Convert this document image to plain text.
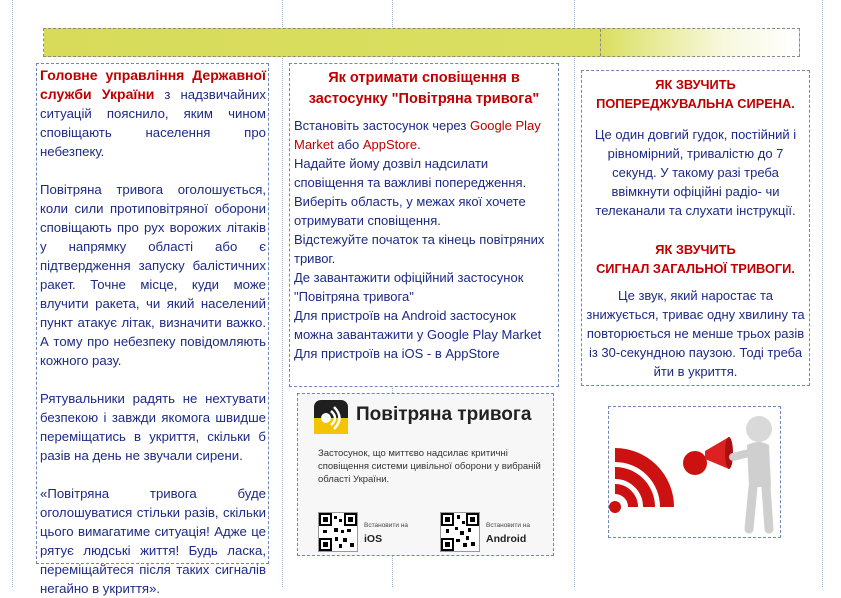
Головне управління Державної служби України з надзвичайних ситуацій пояснило, яким чином сповіщають населення про небезпеку.

Повітряна тривога оголошується, коли сили протиповітряної оборони сповіщають про рух ворожих літаків у напрямку області або є підтвердження запуску балістичних ракет. Точне місце, куди може влучити ракета, чи який населений пункт атакує літак, визначити важко. А тому про небезпеку повідомляють кожного разу.

Рятувальники радять не нехтувати безпекою і завжди якомога швидше переміщатись в укриття, скільки б разів на день не звучали сирени.

«Повітряна тривога буде оголошуватися стільки разів, скільки цього вимагатиме ситуація! Адже це рятує людські життя! Будь ласка, переміщайтеся після таких сигналів негайно в укриття».

Як отримати сповіщення в застосунку "Повітряна тривога"

Встановіть застосунок через Google Play Market або AppStore.

Надайте йому дозвіл надсилати сповіщення та важливі попередження.

Виберіть область, у межах якої хочете отримувати сповіщення.

Відстежуйте початок та кінець повітряних тривог.

Де завантажити офіційний застосунок "Повітряна тривога"

Для пристроїв на Android застосунок можна завантажити у Google Play Market

Для пристроїв на iOS - в AppStore

Повітряна тривога
Застосунок, що миттєво надсилає критичні сповіщення системи цивільної оборони у вибраній області України.
Встановити на
iOS
Встановити на
Android
ЯК ЗВУЧИТЬ
ПОПЕРЕДЖУВАЛЬНА СИРЕНА.

Це один довгий гудок, постійний і рівномірний, тривалістю до 7 секунд. У такому разі треба ввімкнути офіційні радіо- чи телеканали та слухати інструкції.

ЯК ЗВУЧИТЬ
СИГНАЛ ЗАГАЛЬНОЇ ТРИВОГИ.

Це звук, який наростає та знижується, триває одну хвилину та повторюється не менше трьох разів із 30-секундною паузою. Тоді треба йти в укриття.
